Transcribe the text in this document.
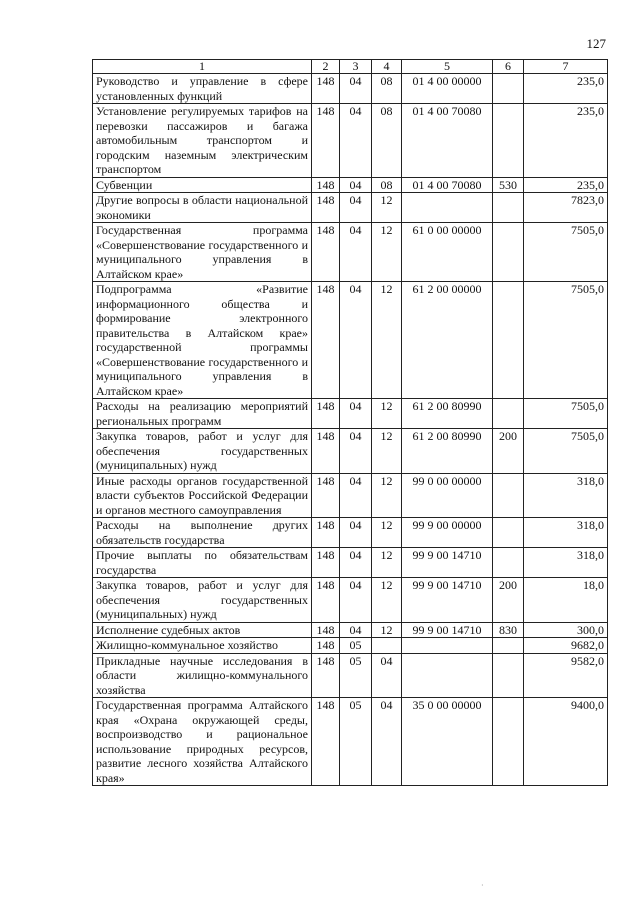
127
1	2	3	4	5	6	7
Руководство и управление в сфере установленных функций	148	04	08	01 4 00 00000		235,0
Установление регулируемых тарифов на перевозки пассажиров и багажа автомобильным транспортом и городским наземным электрическим транспортом	148	04	08	01 4 00 70080		235,0
Субвенции	148	04	08	01 4 00 70080	530	235,0
Другие вопросы в области национальной экономики	148	04	12			7823,0
Государственная программа «Совершенствование государственного и муниципального управления в Алтайском крае»	148	04	12	61 0 00 00000		7505,0
Подпрограмма «Развитие информационного общества и формирование электронного правительства в Алтайском крае» государственной программы «Совершенствование государственного и муниципального управления в Алтайском крае»	148	04	12	61 2 00 00000		7505,0
Расходы на реализацию мероприятий региональных программ	148	04	12	61 2 00 80990		7505,0
Закупка товаров, работ и услуг для обеспечения государственных (муниципальных) нужд	148	04	12	61 2 00 80990	200	7505,0
Иные расходы органов государственной власти субъектов Российской Федерации и органов местного самоуправления	148	04	12	99 0 00 00000		318,0
Расходы на выполнение других обязательств государства	148	04	12	99 9 00 00000		318,0
Прочие выплаты по обязательствам государства	148	04	12	99 9 00 14710		318,0
Закупка товаров, работ и услуг для обеспечения государственных (муниципальных) нужд	148	04	12	99 9 00 14710	200	18,0
Исполнение судебных актов	148	04	12	99 9 00 14710	830	300,0
Жилищно-коммунальное хозяйство	148	05				9682,0
Прикладные научные исследования в области жилищно-коммунального хозяйства	148	05	04			9582,0
Государственная программа Алтайского края «Охрана окружающей среды, воспроизводство и рациональное использование природных ресурсов, развитие лесного хозяйства Алтайского края»	148	05	04	35 0 00 00000		9400,0
·
